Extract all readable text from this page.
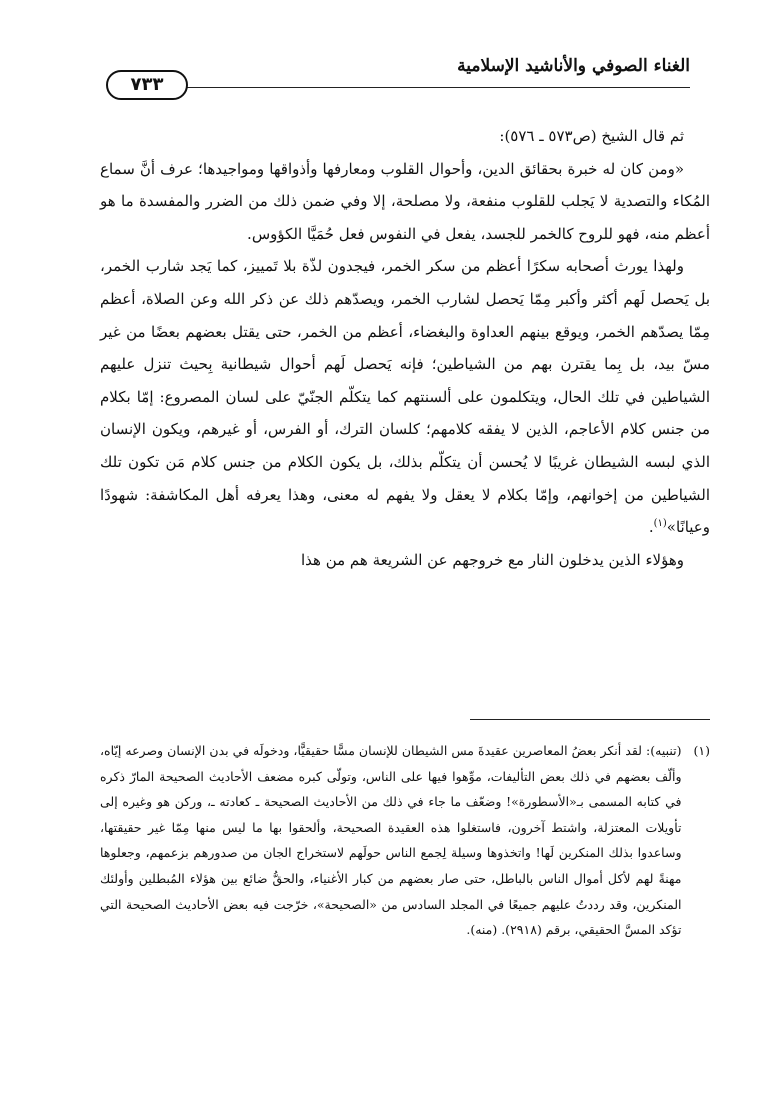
الغناء الصوفي والأناشيد الإسلامية
٧٣٣

ثم قال الشيخ (ص٥٧٣ ـ ٥٧٦):

«ومن كان له خبرة بحقائق الدين، وأحوال القلوب ومعارفها وأذواقها ومواجيدها؛ عرف أنَّ سماع المُكاء والتصدية لا يَجلب للقلوب منفعة، ولا مصلحة، إلا وفي ضمن ذلك من الضرر والمفسدة ما هو أعظم منه، فهو للروح كالخمر للجسد، يفعل في النفوس فعل حُمَيَّا الكؤوس.

ولهذا يورث أصحابه سكرًا أعظم من سكر الخمر، فيجدون لذّة بلا تَمييز، كما يَجد شارب الخمر، بل يَحصل لَهم أكثر وأكبر مِمّا يَحصل لشارب الخمر، ويصدّهم ذلك عن ذكر الله وعن الصلاة، أعظم مِمّا يصدّهم الخمر، ويوقع بينهم العداوة والبغضاء، أعظم من الخمر، حتى يقتل بعضهم بعضًا من غير مسّ بيد، بل بِما يقترن بهم من الشياطين؛ فإنه يَحصل لَهم أحوال شيطانية بِحيث تنزل عليهم الشياطين في تلك الحال، ويتكلمون على ألسنتهم كما يتكلّم الجنّيّ على لسان المصروع: إمّا بكلام من جنس كلام الأعاجم، الذين لا يفقه كلامهم؛ كلسان الترك، أو الفرس، أو غيرهم، ويكون الإنسان الذي لبسه الشيطان غريبًا لا يُحسن أن يتكلّم بذلك، بل يكون الكلام من جنس كلام مَن تكون تلك الشياطين من إخوانهم، وإمّا بكلام لا يعقل ولا يفهم له معنى، وهذا يعرفه أهل المكاشفة: شهودًا وعيانًا»$^{(١)}$.

وهؤلاء الذين يدخلون النار مع خروجهم عن الشريعة هم من هذا

(١)

(تنبيه): لقد أنكر بعضُ المعاصرين عقيدةَ مس الشيطان للإنسان مسًّا حقيقيًّا، ودخولَه في بدن الإنسان وصرعه إيّاه، وألّف بعضهم في ذلك بعض التأليفات، موِّهوا فيها على الناس، وتولّى كبره مضعف الأحاديث الصحيحة المارّ ذكره في كتابه المسمى بـ«الأسطورة»! وضعّف ما جاء في ذلك من الأحاديث الصحيحة ـ كعادته ـ، وركن هو وغيره إلى تأويلات المعتزلة، واشتط آخرون، فاستغلوا هذه العقيدة الصحيحة، وألحقوا بها ما ليس منها مِمّا غير حقيقتها، وساعدوا بذلك المنكرين لَها! واتخذوها وسيلة لِجمع الناس حولَهم لاستخراج الجان من صدورهم بزعمهم، وجعلوها مهنةً لهم لأكل أموال الناس بالباطل، حتى صار بعضهم من كبار الأغنياء، والحقُّ ضائع بين هؤلاء المُبطلين وأولئك المنكرين، وقد رددتُ عليهم جميعًا في المجلد السادس من «الصحيحة»، خرّجت فيه بعض الأحاديث الصحيحة التي تؤكد المسَّ الحقيقي، برقم (٢٩١٨). (منه).
